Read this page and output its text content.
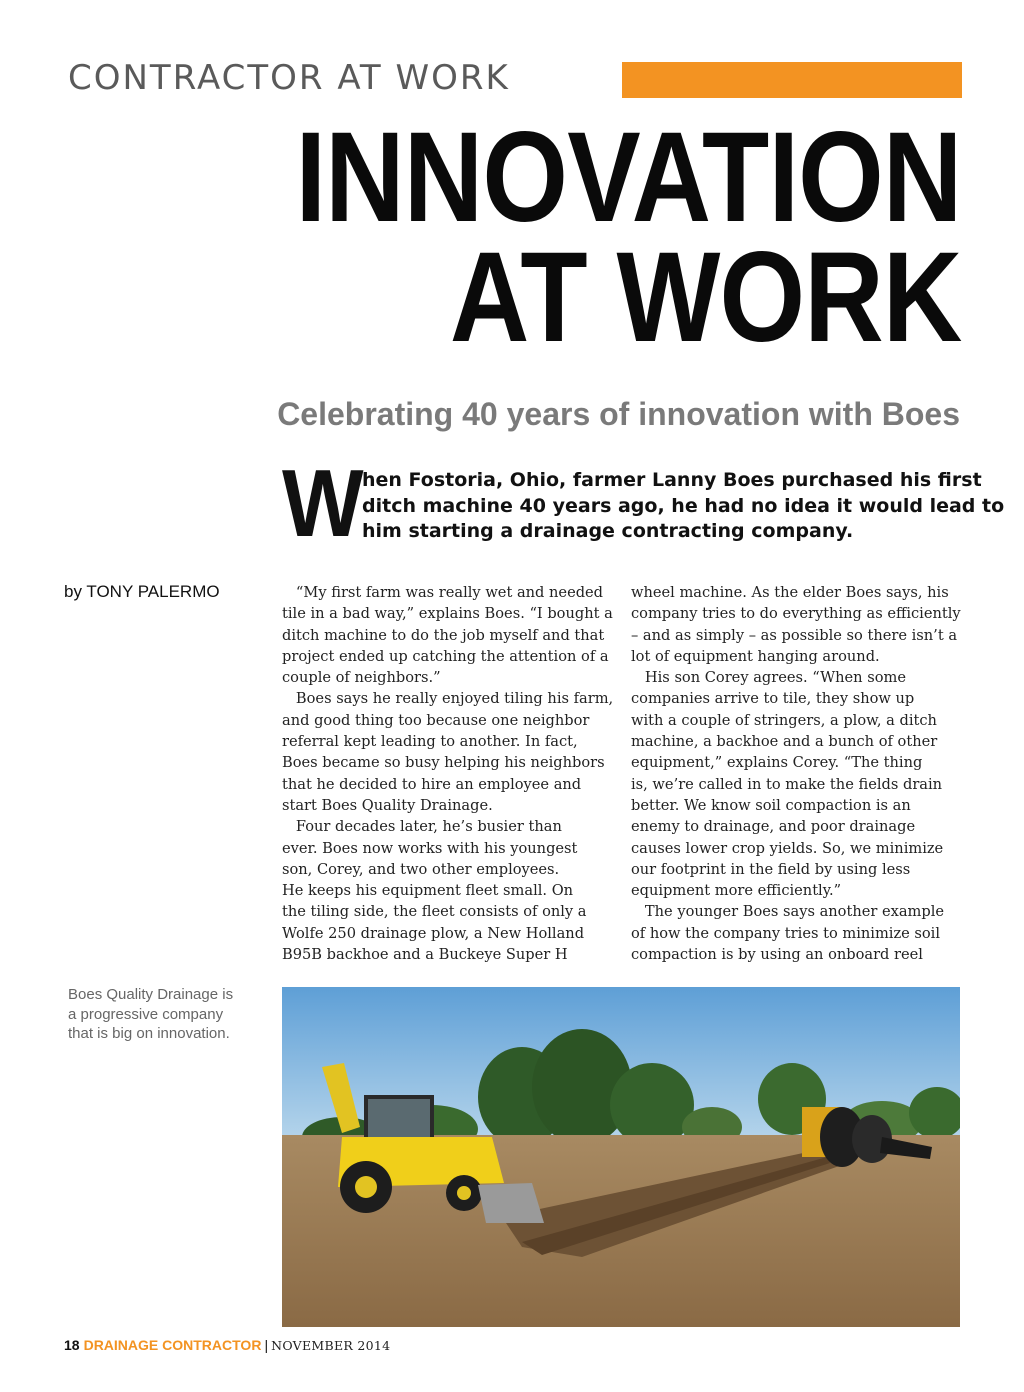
CONTRACTOR AT WORK
INNOVATION
AT WORK
Celebrating 40 years of innovation with Boes
W
hen Fostoria, Ohio, farmer Lanny Boes purchased his first
ditch machine 40 years ago, he had no idea it would lead to
him starting a drainage contracting company.
by TONY PALERMO	“My first farm was really wet and needed
tile in a bad way,” explains Boes. “I bought a
ditch machine to do the job myself and that
project ended up catching the attention of a
couple of neighbors.”
Boes says he really enjoyed tiling his farm,
and good thing too because one neighbor
referral kept leading to another. In fact,
Boes became so busy helping his neighbors
that he decided to hire an employee and
start Boes Quality Drainage.
Four decades later, he’s busier than
ever. Boes now works with his youngest
son, Corey, and two other employees.
He keeps his equipment fleet small. On
the tiling side, the fleet consists of only a
Wolfe 250 drainage plow, a New Holland
B95B backhoe and a Buckeye Super H
wheel machine. As the elder Boes says, his
company tries to do everything as efficiently
– and as simply – as possible so there isn’t a
lot of equipment hanging around.
His son Corey agrees. “When some
companies arrive to tile, they show up
with a couple of stringers, a plow, a ditch
machine, a backhoe and a bunch of other
equipment,” explains Corey. “The thing
is, we’re called in to make the fields drain
better. We know soil compaction is an
enemy to drainage, and poor drainage
causes lower crop yields. So, we minimize
our footprint in the field by using less
equipment more efficiently.”
The younger Boes says another example
of how the company tries to minimize soil
compaction is by using an onboard reel
Boes Quality Drainage is
a progressive company
that is big on innovation.
18 DRAINAGE CONTRACTOR | NOVEMBER 2014
